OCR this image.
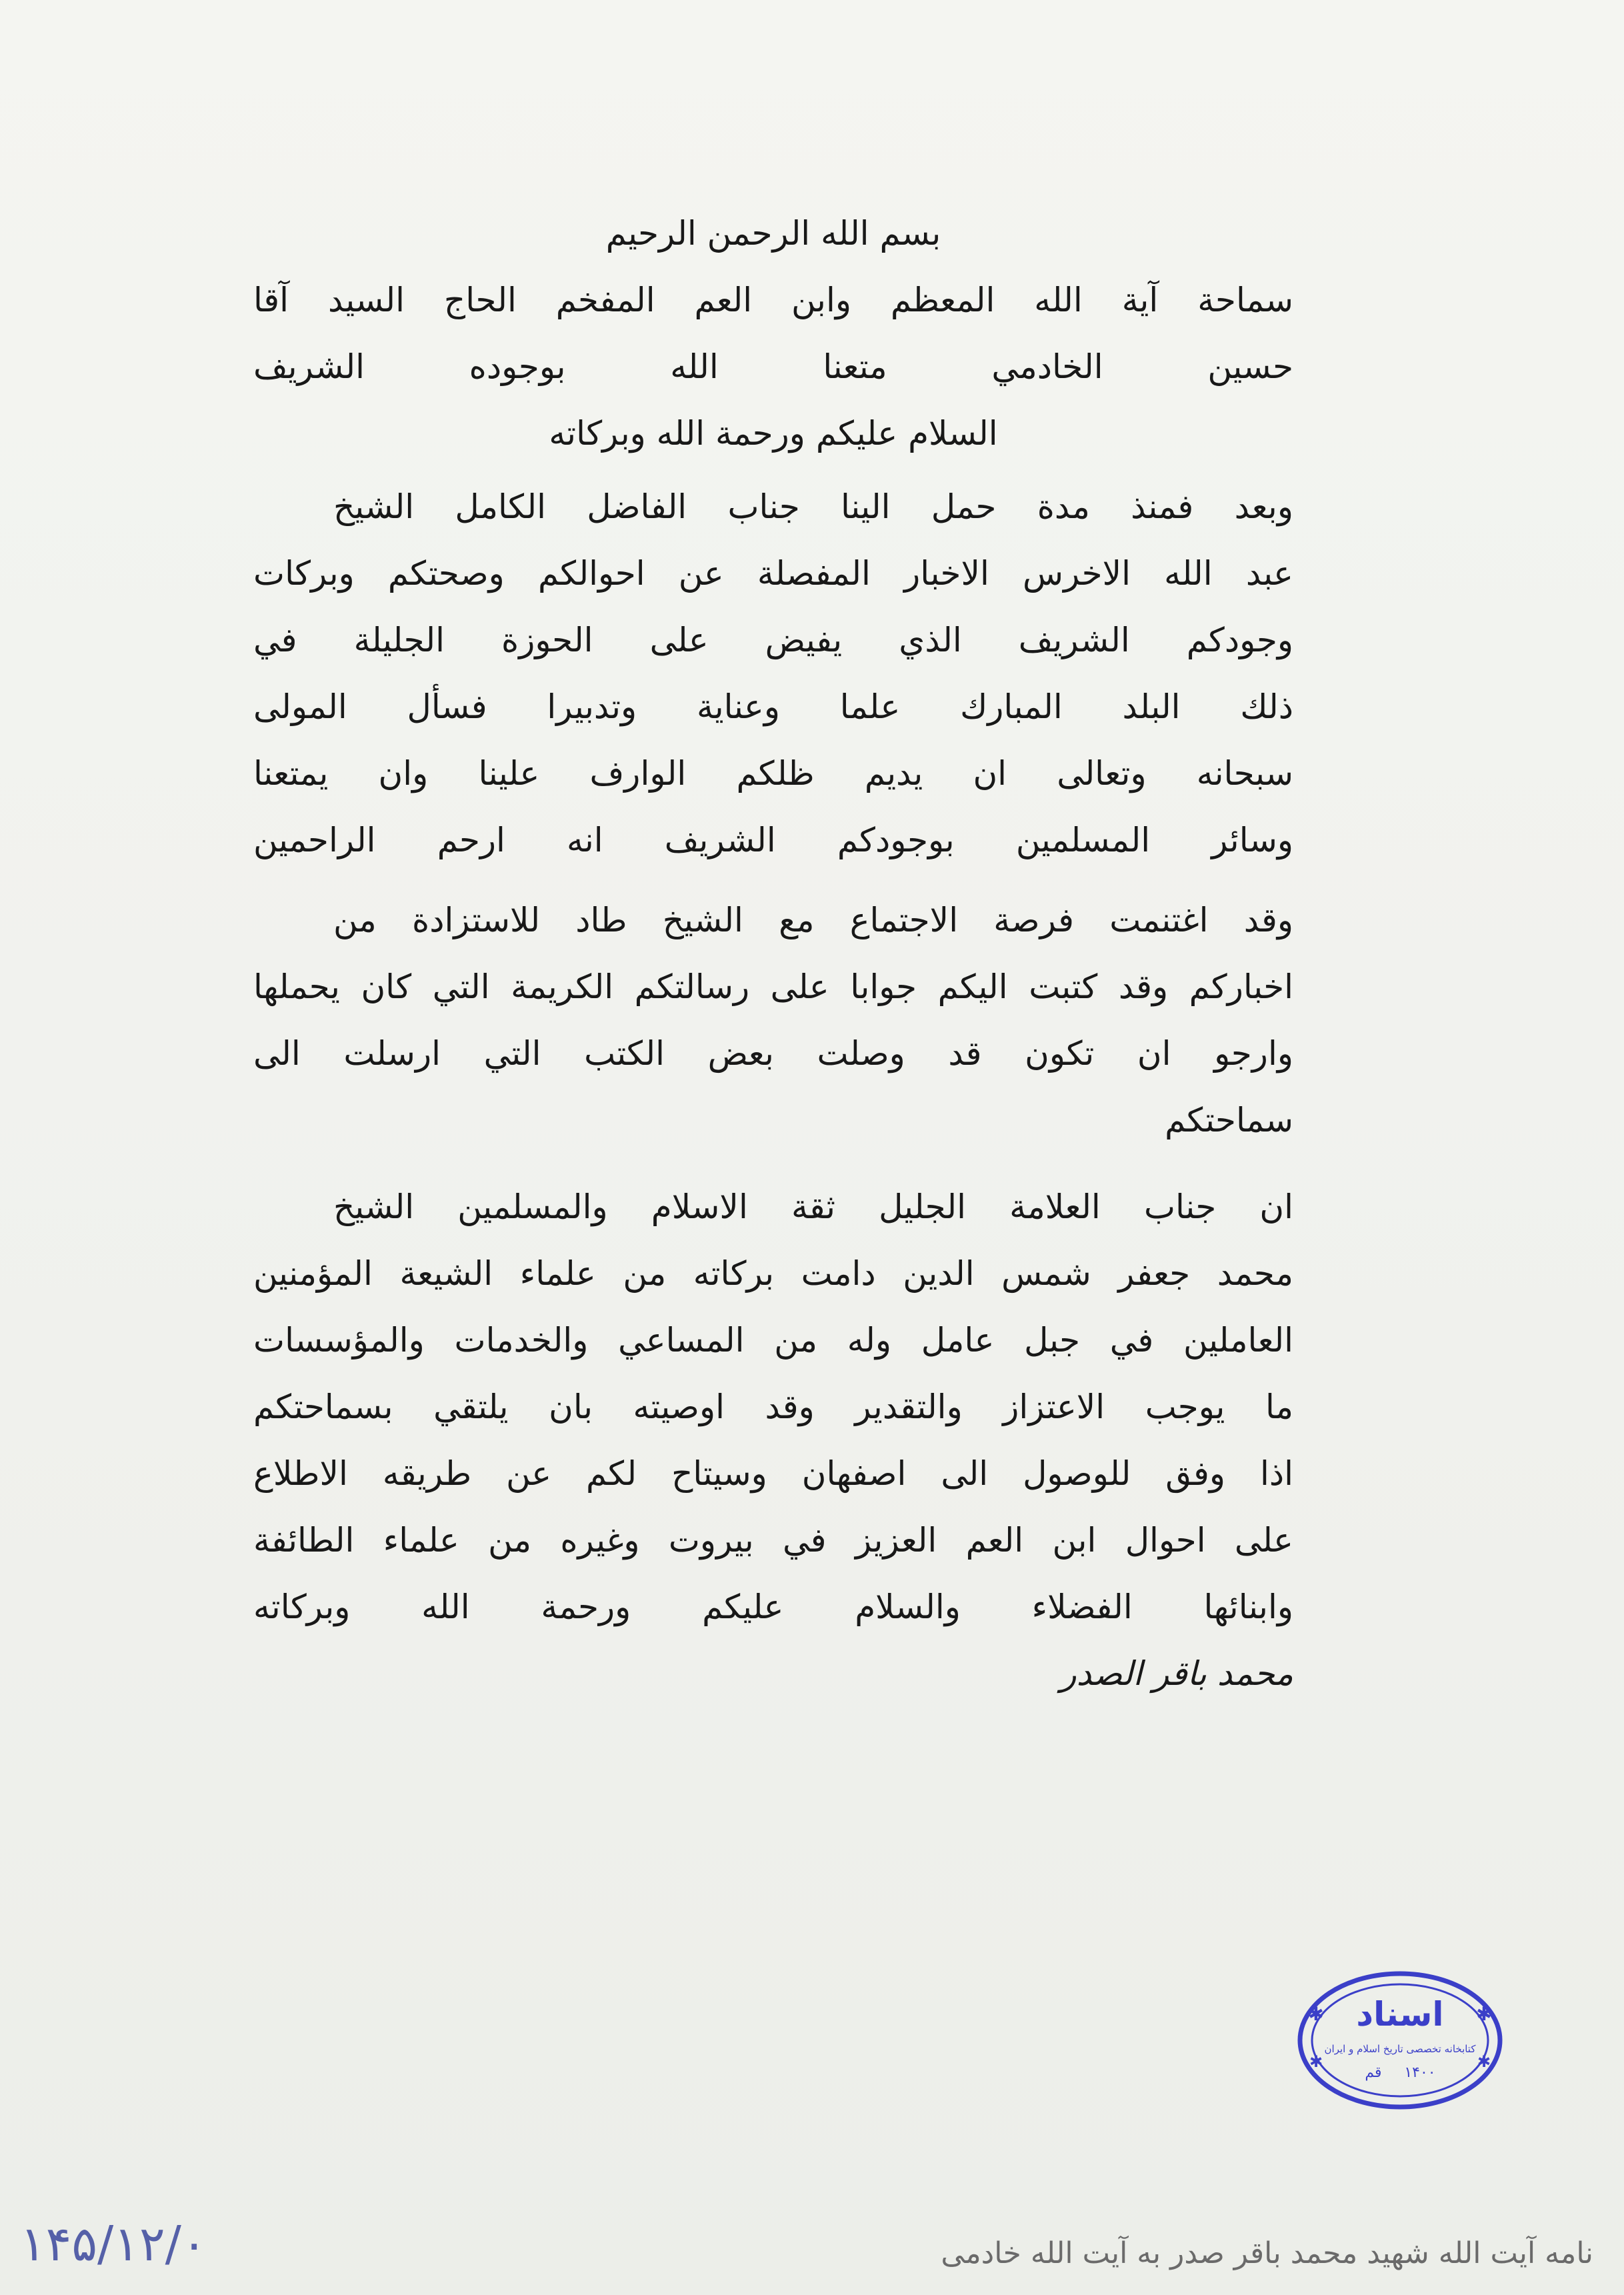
بسم الله الرحمن الرحيم
سماحة آية الله المعظم وابن العم المفخم الحاج السيد آقا
حسين الخادمي متعنا الله بوجوده الشريف
السلام عليكم ورحمة الله وبركاته
وبعد فمنذ مدة حمل الينا جناب الفاضل الكامل الشيخ
عبد الله الاخرس الاخبار المفصلة عن احوالكم وصحتكم وبركات
وجودكم الشريف الذي يفيض على الحوزة الجليلة في
ذلك البلد المبارك علما وعناية وتدبيرا فسأل المولى
سبحانه وتعالى ان يديم ظلكم الوارف علينا وان يمتعنا
وسائر المسلمين بوجودكم الشريف انه ارحم الراحمين
وقد اغتنمت فرصة الاجتماع مع الشيخ طاد للاستزادة من
اخباركم وقد كتبت اليكم جوابا على رسالتكم الكريمة التي كان يحملها
وارجو ان تكون قد وصلت بعض الكتب التي ارسلت الى
سماحتكم
ان جناب العلامة الجليل ثقة الاسلام والمسلمين الشيخ
محمد جعفر شمس الدين دامت بركاته من علماء الشيعة المؤمنين
العاملين في جبل عامل وله من المساعي والخدمات والمؤسسات
ما يوجب الاعتزاز والتقدير وقد اوصيته بان يلتقي بسماحتكم
اذا وفق للوصول الى اصفهان وسيتاح لكم عن طريقه الاطلاع
على احوال ابن العم العزيز في بيروت وغيره من علماء الطائفة
وابنائها الفضلاء والسلام عليكم ورحمة الله وبركاته
محمد باقر الصدر
اسناد
کتابخانه تخصصی تاریخ اسلام و ایران
قم ۱۴۰۰
✱	✱
✱
✱
۱۴۵/۱۲/۰	نامه آیت الله شهید محمد باقر صدر به آیت الله خادمی
